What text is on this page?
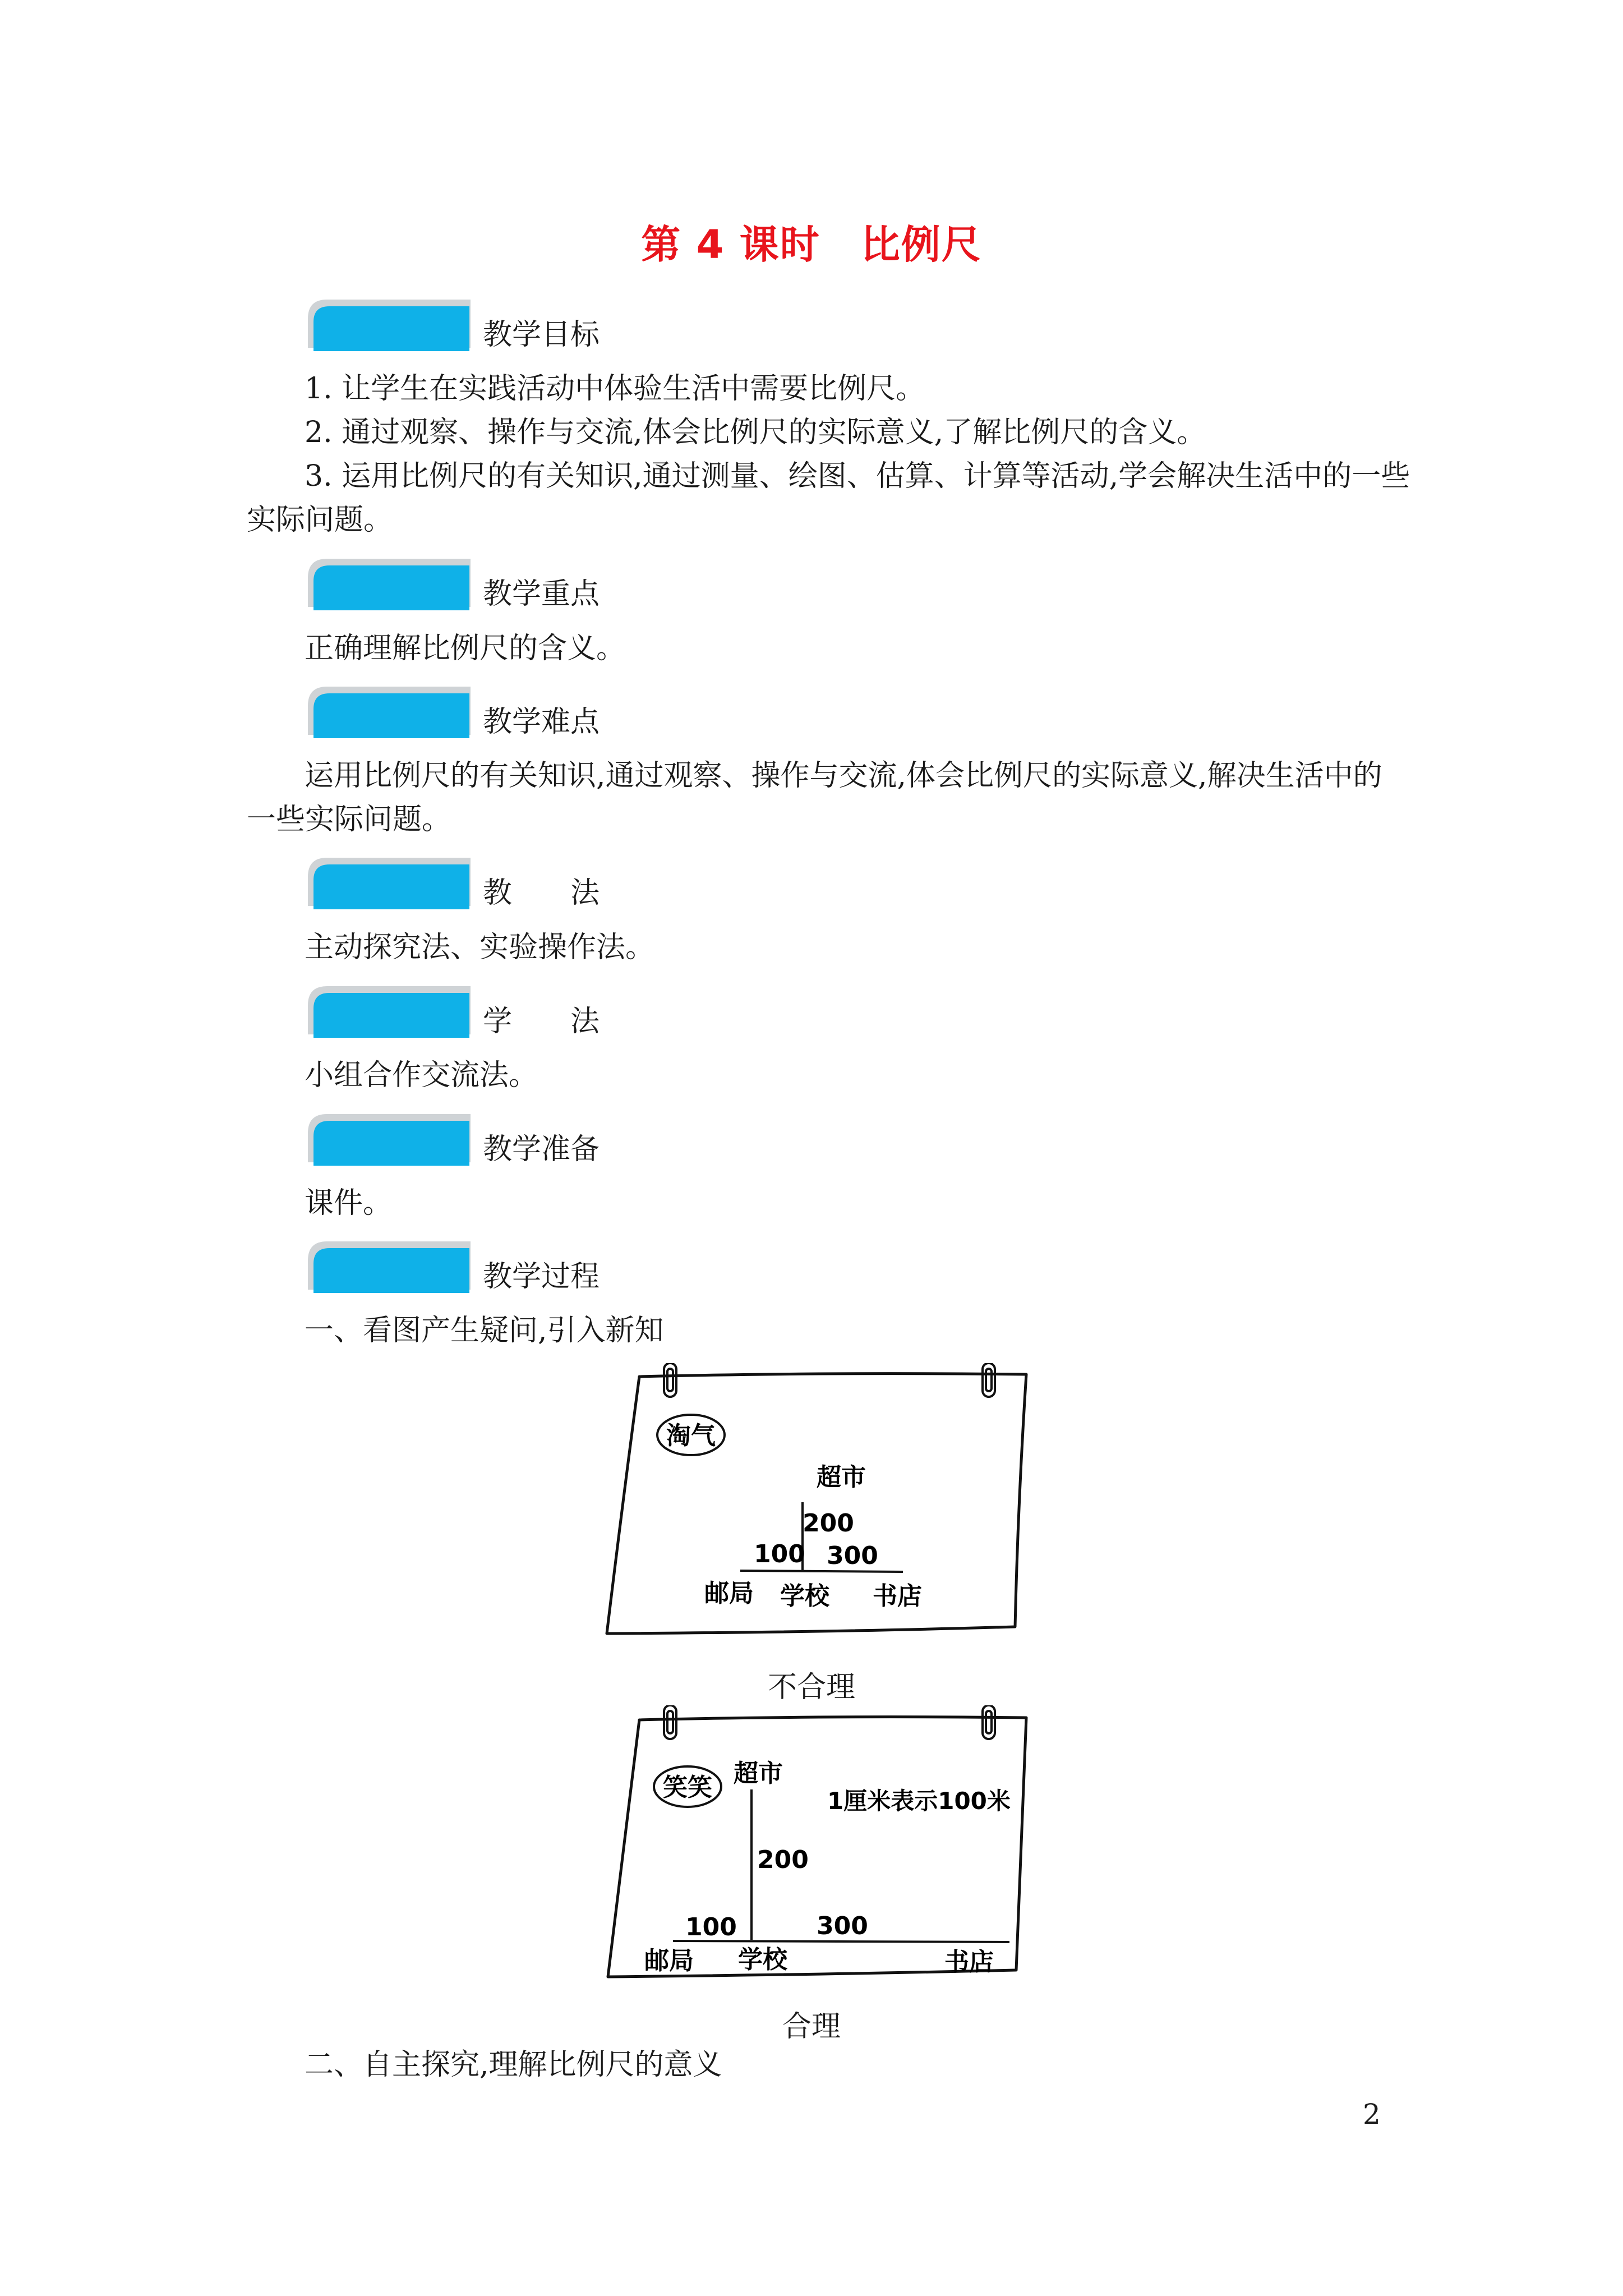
第 4 课时　比例尺
教学目标
1. 让学生在实践活动中体验生活中需要比例尺。
2. 通过观察、操作与交流,体会比例尺的实际意义,了解比例尺的含义。
3. 运用比例尺的有关知识,通过测量、绘图、估算、计算等活动,学会解决生活中的一些
实际问题。
教学重点
正确理解比例尺的含义。
教学难点
运用比例尺的有关知识,通过观察、操作与交流,体会比例尺的实际意义,解决生活中的
一些实际问题。
教　　法
主动探究法、实验操作法。
学　　法
小组合作交流法。
教学准备
课件。
教学过程
一、看图产生疑问,引入新知
淘气
超市
200
100 300
邮局 学校 书店
不合理
笑笑 超市
1厘米表示100米
200
100	300
邮局 学校	书店
合理
二、自主探究,理解比例尺的意义
2
